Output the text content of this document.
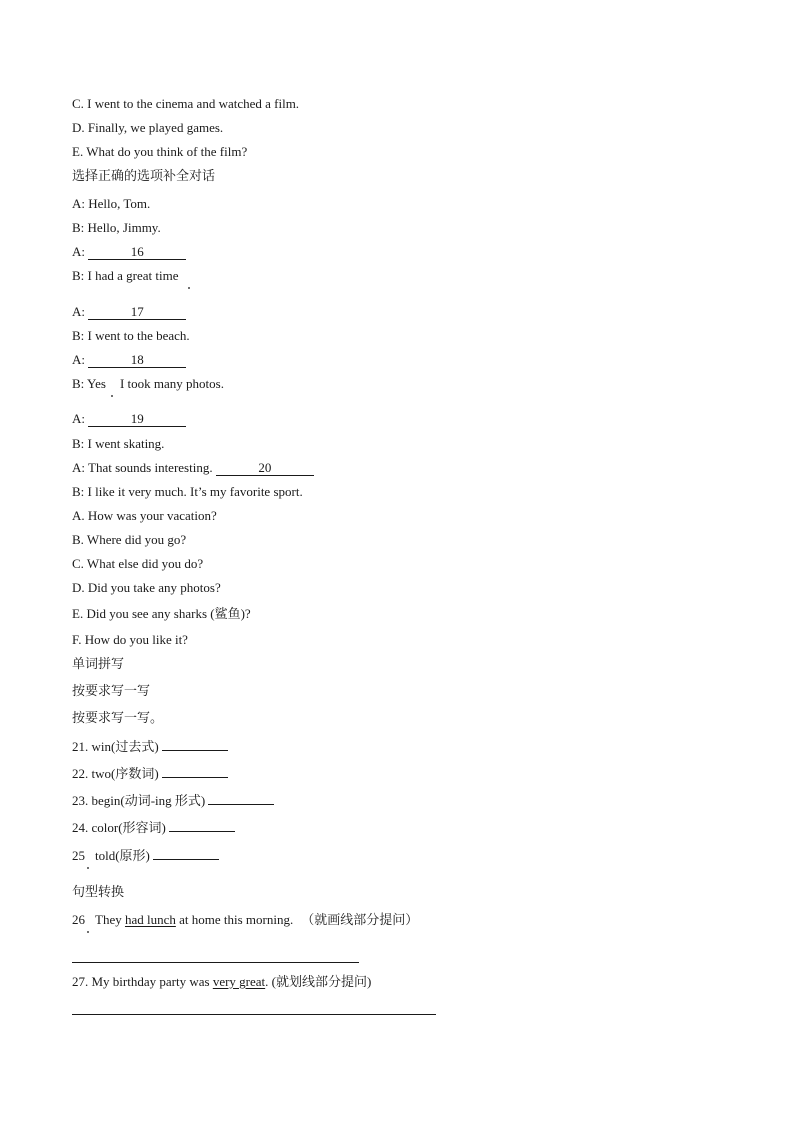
C. I went to the cinema and watched a film.
D. Finally, we played games.
E. What do you think of the film?
选择正确的选项补全对话
A: Hello, Tom.
B: Hello, Jimmy.
A:	16
B: I had a great time
A:	17
B: I went to the beach.
A:	18
B: Yes I took many photos.
A:	19
B: I went skating.
A: That sounds interesting.	20
B: I like it very much. It’s my favorite sport.
A. How was your vacation?
B. Where did you go?
C. What else did you do?
D. Did you take any photos?
E. Did you see any sharks (鲨鱼)?
F. How do you like it?
单词拼写
按要求写一写
按要求写一写。
21. win(过去式)
22. two(序数词)
23. begin(动词-ing 形式)
24. color(形容词)
25 told(原形)
句型转换
26 They had lunch at home this morning. （就画线部分提问）
27. My birthday party was very great. (就划线部分提问)
